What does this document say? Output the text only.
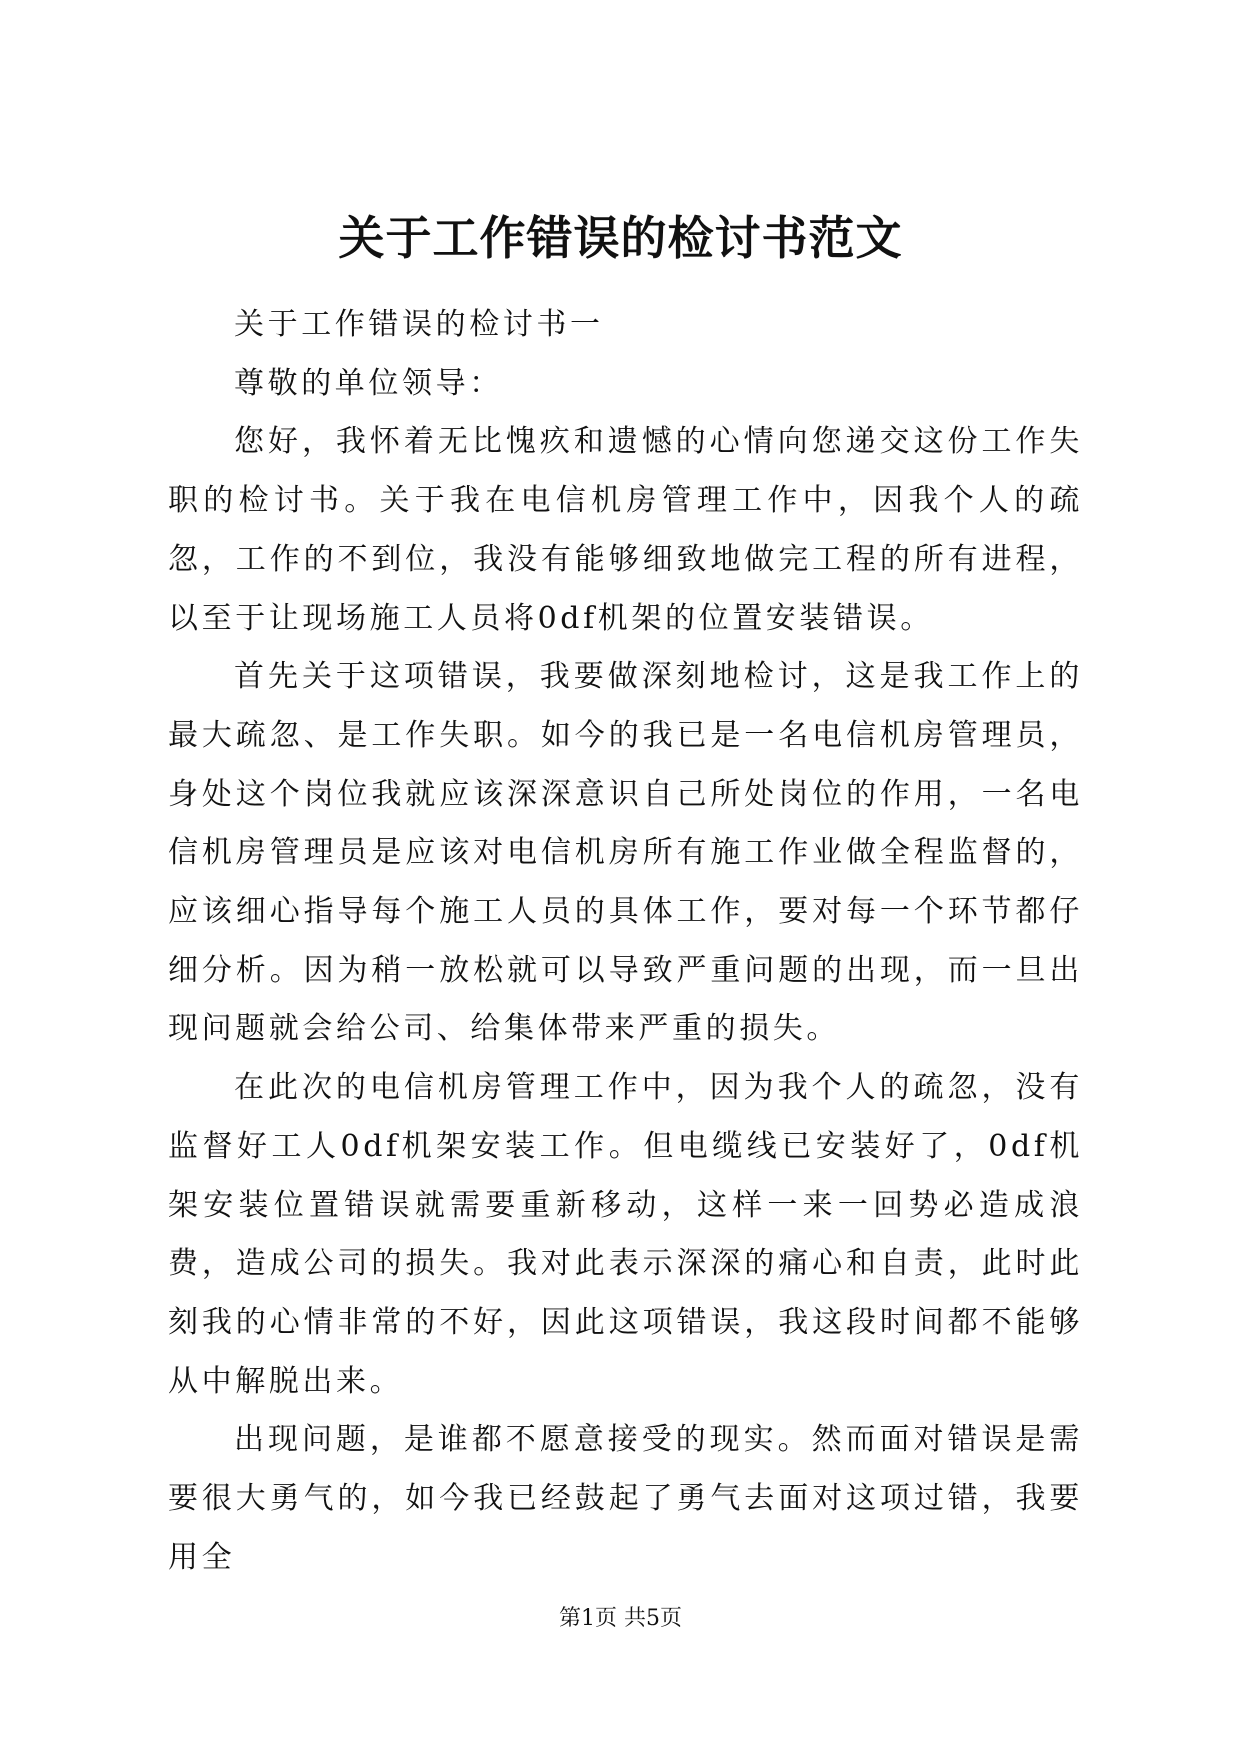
关于工作错误的检讨书范文

关于工作错误的检讨书一

尊敬的单位领导：

您好，我怀着无比愧疚和遗憾的心情向您递交这份工作失职的检讨书。关于我在电信机房管理工作中，因我个人的疏忽，工作的不到位，我没有能够细致地做完工程的所有进程，以至于让现场施工人员将0df机架的位置安装错误。

首先关于这项错误，我要做深刻地检讨，这是我工作上的最大疏忽、是工作失职。如今的我已是一名电信机房管理员，身处这个岗位我就应该深深意识自己所处岗位的作用，一名电信机房管理员是应该对电信机房所有施工作业做全程监督的，应该细心指导每个施工人员的具体工作，要对每一个环节都仔细分析。因为稍一放松就可以导致严重问题的出现，而一旦出现问题就会给公司、给集体带来严重的损失。

在此次的电信机房管理工作中，因为我个人的疏忽，没有监督好工人0df机架安装工作。但电缆线已安装好了，0df机架安装位置错误就需要重新移动，这样一来一回势必造成浪费，造成公司的损失。我对此表示深深的痛心和自责，此时此刻我的心情非常的不好，因此这项错误，我这段时间都不能够从中解脱出来。

出现问题，是谁都不愿意接受的现实。然而面对错误是需要很大勇气的，如今我已经鼓起了勇气去面对这项过错，我要用全

第1页 共5页
